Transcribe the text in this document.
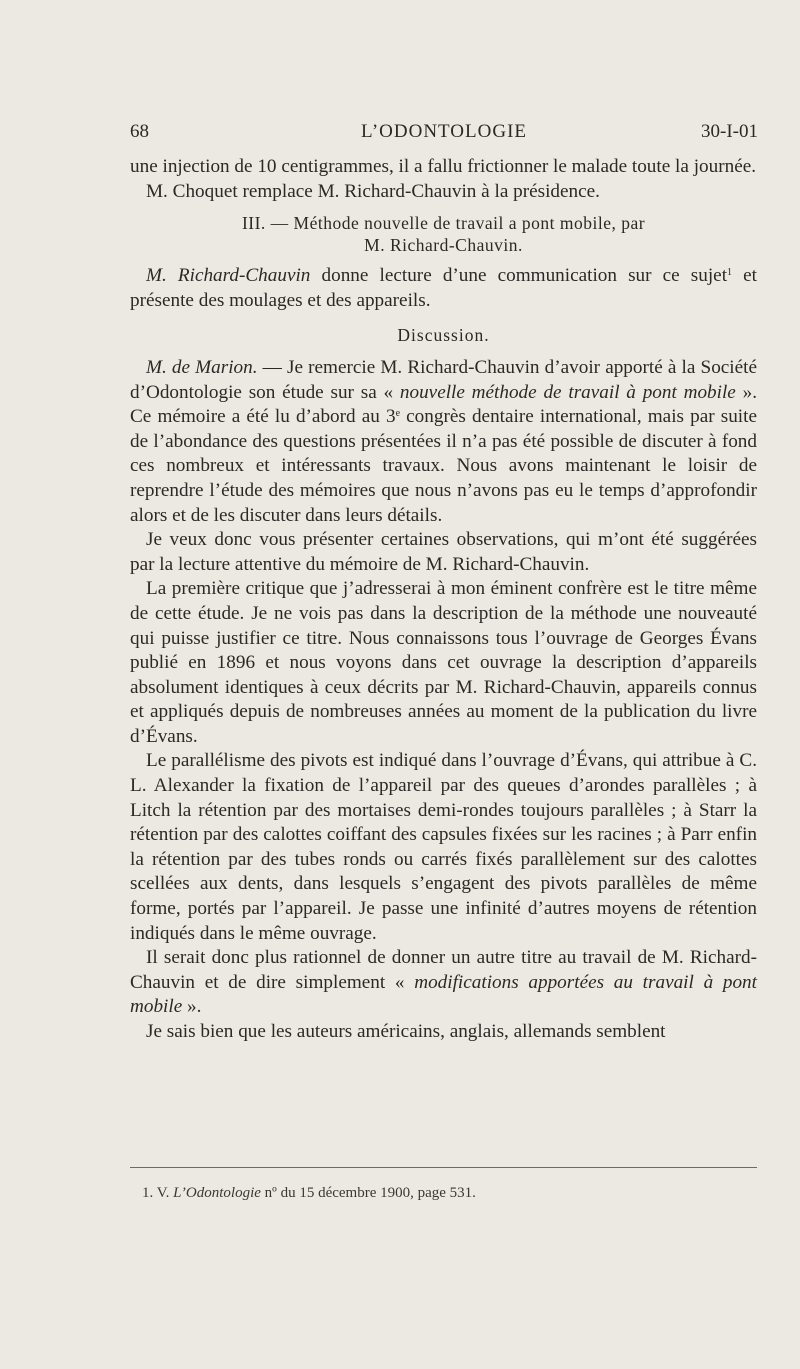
68	L’ODONTOLOGIE	30-I-01

une injection de 10 centigrammes, il a fallu frictionner le malade toute la journée.

M. Choquet remplace M. Richard-Chauvin à la présidence.

III. — Méthode nouvelle de travail a pont mobile, par
M. Richard-Chauvin.

M. Richard-Chauvin donne lecture d’une communication sur ce sujet$^1$ et présente des moulages et des appareils.

Discussion.

M. de Marion. — Je remercie M. Richard-Chauvin d’avoir apporté à la Société d’Odontologie son étude sur sa « nouvelle méthode de travail à pont mobile ». Ce mémoire a été lu d’abord au 3e congrès dentaire international, mais par suite de l’abondance des questions présentées il n’a pas été possible de discuter à fond ces nombreux et intéressants travaux. Nous avons maintenant le loisir de reprendre l’étude des mémoires que nous n’avons pas eu le temps d’approfondir alors et de les discuter dans leurs détails.

Je veux donc vous présenter certaines observations, qui m’ont été suggérées par la lecture attentive du mémoire de M. Richard-Chauvin.

La première critique que j’adresserai à mon éminent confrère est le titre même de cette étude. Je ne vois pas dans la description de la méthode une nouveauté qui puisse justifier ce titre. Nous connaissons tous l’ouvrage de Georges Évans publié en 1896 et nous voyons dans cet ouvrage la description d’appareils absolument identiques à ceux décrits par M. Richard-Chauvin, appareils connus et appliqués depuis de nombreuses années au moment de la publication du livre d’Évans.

Le parallélisme des pivots est indiqué dans l’ouvrage d’Évans, qui attribue à C. L. Alexander la fixation de l’appareil par des queues d’arondes parallèles ; à Litch la rétention par des mortaises demi-rondes toujours parallèles ; à Starr la rétention par des calottes coiffant des capsules fixées sur les racines ; à Parr enfin la rétention par des tubes ronds ou carrés fixés parallèlement sur des calottes scellées aux dents, dans lesquels s’engagent des pivots parallèles de même forme, portés par l’appareil. Je passe une infinité d’autres moyens de rétention indiqués dans le même ouvrage.

Il serait donc plus rationnel de donner un autre titre au travail de M. Richard-Chauvin et de dire simplement « modifications apportées au travail à pont mobile ».

Je sais bien que les auteurs américains, anglais, allemands semblent

1. V. L’Odontologie nº du 15 décembre 1900, page 531.
